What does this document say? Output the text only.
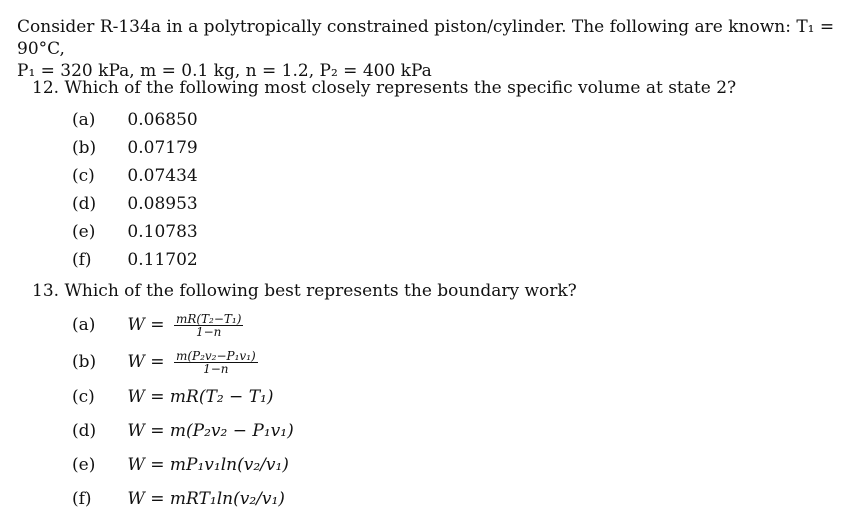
Consider R-134a in a polytropically constrained piston/cylinder. The following are known: T₁ = 90°C,
P₁ = 320 kPa, m = 0.1 kg, n = 1.2, P₂ = 400 kPa
12. Which of the following most closely represents the specific volume at state 2?
(a) 0.06850
(b) 0.07179
(c) 0.07434
(d) 0.08953
(e) 0.10783
(f) 0.11702
13. Which of the following best represents the boundary work?
(a) $W = \frac{\text{mR(T₂−T₁)}}{1-n}$
(b) $W = \frac{\text{m(P₂v₂−P₁v₁)}}{1-n}$
(c) W = mR(T₂ − T₁)
(d) W = m(P₂v₂ − P₁v₁)
(e) W = mP₁v₁ln(v₂/v₁)
(f) W = mRT₁ln(v₂/v₁)
